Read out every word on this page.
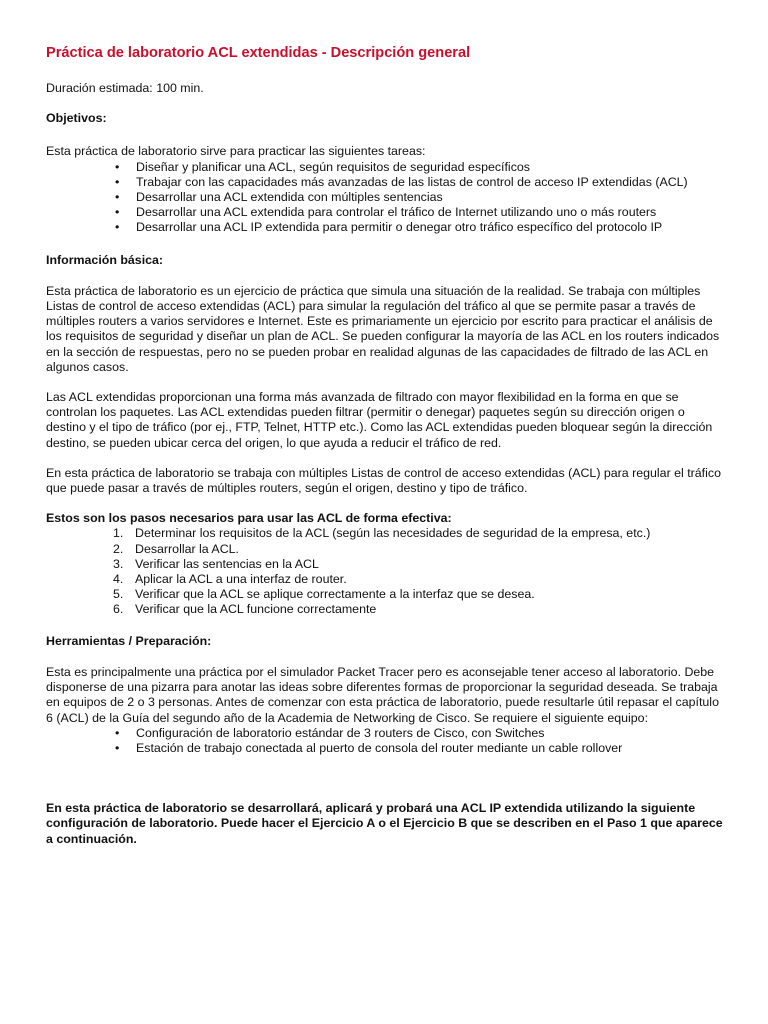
Práctica de laboratorio ACL extendidas - Descripción general

Duración estimada: 100 min.

Objetivos:

Esta práctica de laboratorio sirve para practicar las siguientes tareas:

• Diseñar y planificar una ACL, según requisitos de seguridad específicos
• Trabajar con las capacidades más avanzadas de las listas de control de acceso IP extendidas (ACL)
• Desarrollar una ACL extendida con múltiples sentencias
• Desarrollar una ACL extendida para controlar el tráfico de Internet utilizando uno o más routers
• Desarrollar una ACL IP extendida para permitir o denegar otro tráfico específico del protocolo IP

Información básica:

Esta práctica de laboratorio es un ejercicio de práctica que simula una situación de la realidad. Se trabaja con múltiples Listas de control de acceso extendidas (ACL) para simular la regulación del tráfico al que se permite pasar a través de múltiples routers a varios servidores e Internet. Este es primariamente un ejercicio por escrito para practicar el análisis de los requisitos de seguridad y diseñar un plan de ACL. Se pueden configurar la mayoría de las ACL en los routers indicados en la sección de respuestas, pero no se pueden probar en realidad algunas de las capacidades de filtrado de las ACL en algunos casos.

Las ACL extendidas proporcionan una forma más avanzada de filtrado con mayor flexibilidad en la forma en que se controlan los paquetes. Las ACL extendidas pueden filtrar (permitir o denegar) paquetes según su dirección origen o destino y el tipo de tráfico (por ej., FTP, Telnet, HTTP etc.). Como las ACL extendidas pueden bloquear según la dirección destino, se pueden ubicar cerca del origen, lo que ayuda a reducir el tráfico de red.

En esta práctica de laboratorio se trabaja con múltiples Listas de control de acceso extendidas (ACL) para regular el tráfico que puede pasar a través de múltiples routers, según el origen, destino y tipo de tráfico.

Estos son los pasos necesarios para usar las ACL de forma efectiva:

1. Determinar los requisitos de la ACL (según las necesidades de seguridad de la empresa, etc.)
2. Desarrollar la ACL.
3. Verificar las sentencias en la ACL
4. Aplicar la ACL a una interfaz de router.
5. Verificar que la ACL se aplique correctamente a la interfaz que se desea.
6. Verificar que la ACL funcione correctamente

Herramientas / Preparación:

Esta es principalmente una práctica por el simulador Packet Tracer pero es aconsejable tener acceso al laboratorio. Debe disponerse de una pizarra para anotar las ideas sobre diferentes formas de proporcionar la seguridad deseada. Se trabaja en equipos de 2 o 3 personas. Antes de comenzar con esta práctica de laboratorio, puede resultarle útil repasar el capítulo 6 (ACL) de la Guía del segundo año de la Academia de Networking de Cisco. Se requiere el siguiente equipo:

• Configuración de laboratorio estándar de 3 routers de Cisco, con Switches
• Estación de trabajo conectada al puerto de consola del router mediante un cable rollover

En esta práctica de laboratorio se desarrollará, aplicará y probará una ACL IP extendida utilizando la siguiente configuración de laboratorio. Puede hacer el Ejercicio A o el Ejercicio B que se describen en el Paso 1 que aparece a continuación.
